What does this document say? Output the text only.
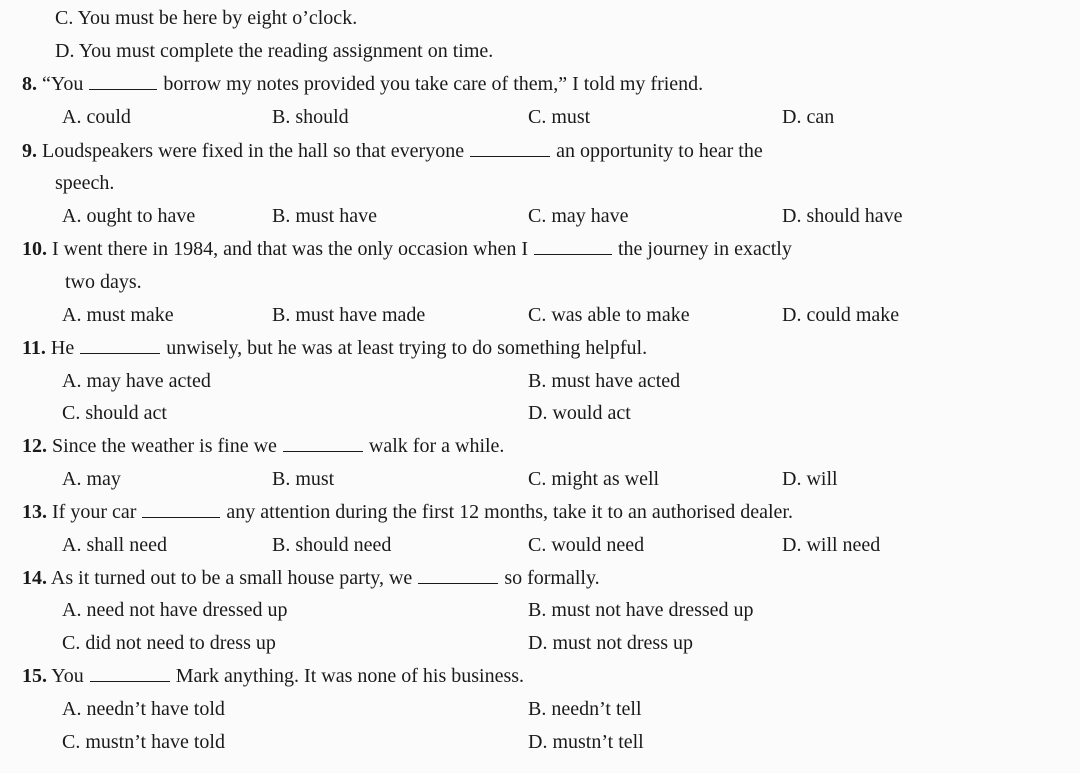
C. You must be here by eight o’clock.
D. You must complete the reading assignment on time.
8. “You	borrow my notes provided you take care of them,” I told my friend.
A. could	B. should	C. must	D. can
9. Loudspeakers were fixed in the hall so that everyone	an opportunity to hear the
speech.
A. ought to have	B. must have	C. may have	D. should have
10. I went there in 1984, and that was the only occasion when I	the journey in exactly
two days.
A. must make	B. must have made	C. was able to make	D. could make
11. He	unwisely, but he was at least trying to do something helpful.
A. may have acted	B. must have acted
C. should act	D. would act
12. Since the weather is fine we	walk for a while.
A. may	B. must	C. might as well	D. will
13. If your car	any attention during the first 12 months, take it to an authorised dealer.
A. shall need	B. should need	C. would need	D. will need
14. As it turned out to be a small house party, we	so formally.
A. need not have dressed up	B. must not have dressed up
C. did not need to dress up	D. must not dress up
15. You	Mark anything. It was none of his business.
A. needn’t have told	B. needn’t tell
C. mustn’t have told	D. mustn’t tell
